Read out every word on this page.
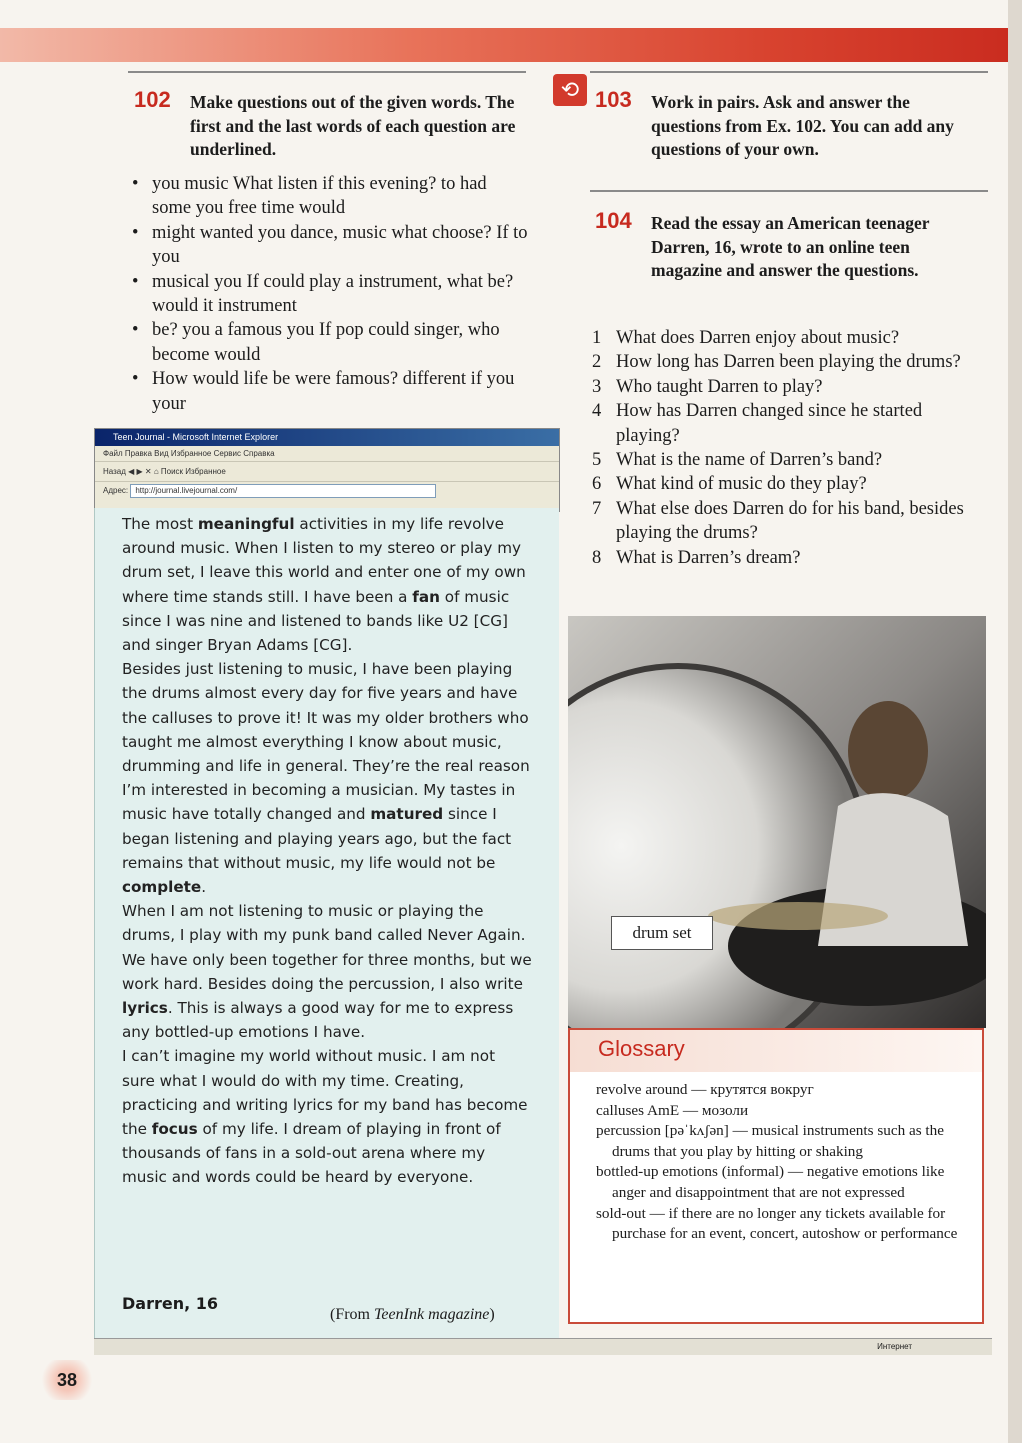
102 Make questions out of the given words. The first and the last words of each question are underlined.
• you music What listen if this evening? to had some you free time would
• might wanted you dance, music what choose? If to you
• musical you If could play a instrument, what be? would it instrument
• be? you a famous you If pop could singer, who become would
• How would life be were famous? different if you your
⟲ 103 Work in pairs. Ask and answer the questions from Ex. 102. You can add any questions of your own.
104 Read the essay an American teenager Darren, 16, wrote to an online teen magazine and answer the questions.
1 What does Darren enjoy about music?
2 How long has Darren been playing the drums?
3 Who taught Darren to play?
4 How has Darren changed since he started playing?
5 What is the name of Darren’s band?
6 What kind of music do they play?
7 What else does Darren do for his band, besides playing the drums?
8 What is Darren’s dream?
Teen Journal - Microsoft Internet Explorer
Файл Правка Вид Избранное Сервис Справка
Назад ◀ ▶ ✕ ⌂ Поиск Избранное
Адрес: http://journal.livejournal.com/

The most meaningful activities in my life revolve around music. When I listen to my stereo or play my drum set, I leave this world and enter one of my own where time stands still. I have been a fan of music since I was nine and listened to bands like U2 [CG] and singer Bryan Adams [CG].

Besides just listening to music, I have been playing the drums almost every day for five years and have the calluses to prove it! It was my older brothers who taught me almost everything I know about music, drumming and life in general. They’re the real reason I’m interested in becoming a musician. My tastes in music have totally changed and matured since I began listening and playing years ago, but the fact remains that without music, my life would not be complete.

When I am not listening to music or playing the drums, I play with my punk band called Never Again. We have only been together for three months, but we work hard. Besides doing the percussion, I also write lyrics. This is always a good way for me to express any bottled-up emotions I have.

I can’t imagine my world without music. I am not sure what I would do with my time. Creating, practicing and writing lyrics for my band has become the focus of my life. I dream of playing in front of thousands of fans in a sold-out arena where my music and words could be heard by everyone.

Darren, 16
(From TeenInk magazine)
drum set
Glossary
revolve around — крутятся вокруг
calluses AmE — мозоли
percussion [pəˈkʌʃən] — musical instruments such as the drums that you play by hitting or shaking
bottled-up emotions (informal) — negative emotions like anger and disappointment that are not expressed
sold-out — if there are no longer any tickets available for purchase for an event, concert, autoshow or performance
Интернет
38
